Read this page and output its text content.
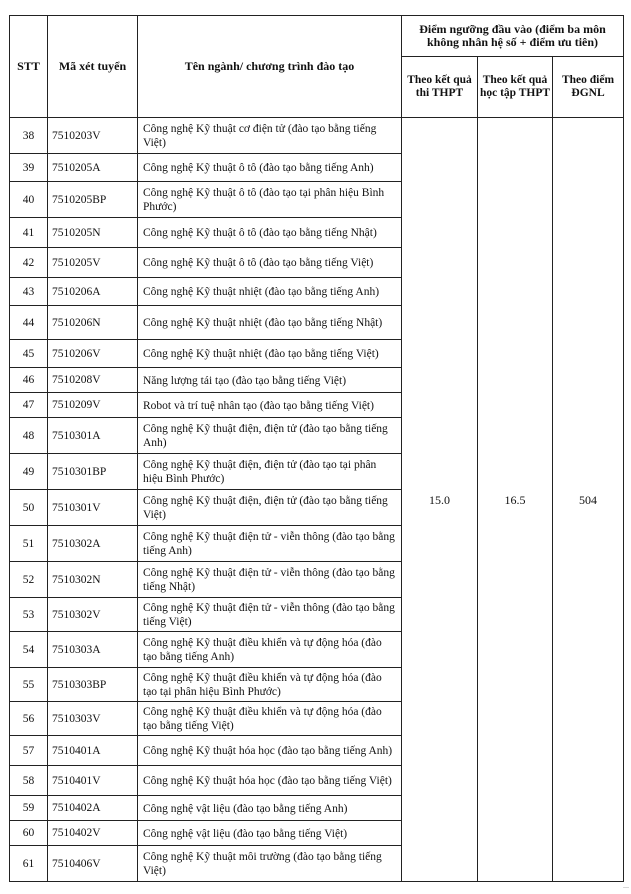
STT	Mã xét tuyển	Tên ngành/ chương trình đào tạo	Điểm ngưỡng đầu vào (điểm ba môn không nhân hệ số + điểm ưu tiên)		
			Theo kết quả thi THPT	Theo kết quả học tập THPT	Theo điểm ĐGNL
38	7510203V	Công nghệ Kỹ thuật cơ điện tử (đào tạo bằng tiếng Việt)	15.0	16.5	504
39	7510205A	Công nghệ Kỹ thuật ô tô (đào tạo bằng tiếng Anh)			
40	7510205BP	Công nghệ Kỹ thuật ô tô (đào tạo tại phân hiệu Bình Phước)			
41	7510205N	Công nghệ Kỹ thuật ô tô (đào tạo bằng tiếng Nhật)			
42	7510205V	Công nghệ Kỹ thuật ô tô (đào tạo bằng tiếng Việt)			
43	7510206A	Công nghệ Kỹ thuật nhiệt (đào tạo bằng tiếng Anh)			
44	7510206N	Công nghệ Kỹ thuật nhiệt (đào tạo bằng tiếng Nhật)			
45	7510206V	Công nghệ Kỹ thuật nhiệt (đào tạo bằng tiếng Việt)			
46	7510208V	Năng lượng tái tạo (đào tạo bằng tiếng Việt)			
47	7510209V	Robot và trí tuệ nhân tạo (đào tạo bằng tiếng Việt)			
48	7510301A	Công nghệ Kỹ thuật điện, điện tử (đào tạo bằng tiếng Anh)			
49	7510301BP	Công nghệ Kỹ thuật điện, điện tử (đào tạo tại phân hiệu Bình Phước)			
50	7510301V	Công nghệ Kỹ thuật điện, điện tử (đào tạo bằng tiếng Việt)			
51	7510302A	Công nghệ Kỹ thuật điện tử - viễn thông (đào tạo bằng tiếng Anh)			
52	7510302N	Công nghệ Kỹ thuật điện tử - viễn thông (đào tạo bằng tiếng Nhật)			
53	7510302V	Công nghệ Kỹ thuật điện tử - viễn thông (đào tạo bằng tiếng Việt)			
54	7510303A	Công nghệ Kỹ thuật điều khiển và tự động hóa (đào tạo bằng tiếng Anh)			
55	7510303BP	Công nghệ Kỹ thuật điều khiển và tự động hóa (đào tạo tại phân hiệu Bình Phước)			
56	7510303V	Công nghệ Kỹ thuật điều khiển và tự động hóa (đào tạo bằng tiếng Việt)			
57	7510401A	Công nghệ Kỹ thuật hóa học (đào tạo bằng tiếng Anh)			
58	7510401V	Công nghệ Kỹ thuật hóa học (đào tạo bằng tiếng Việt)			
59	7510402A	Công nghệ vật liệu (đào tạo bằng tiếng Anh)			
60	7510402V	Công nghệ vật liệu (đào tạo bằng tiếng Việt)			
61	7510406V	Công nghệ Kỹ thuật môi trường (đào tạo bằng tiếng Việt)			
...
